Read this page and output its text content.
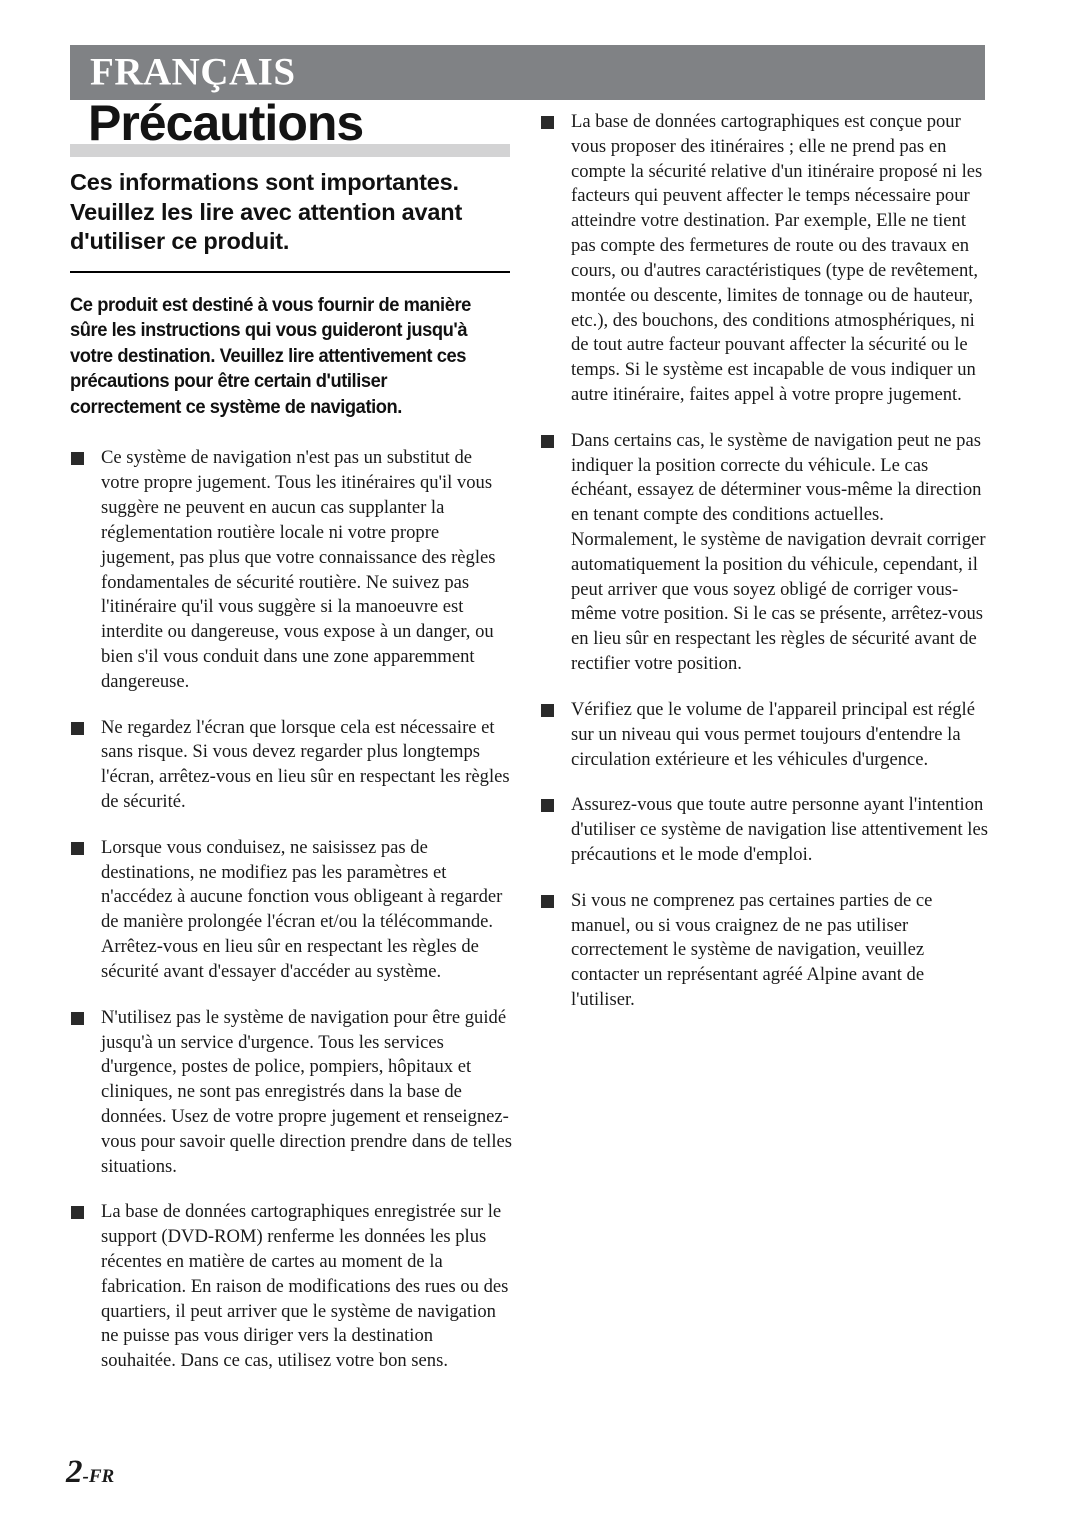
FRANÇAIS
Précautions

Ces informations sont importantes. Veuillez les lire avec attention avant d'utiliser ce produit.

Ce produit est destiné à vous fournir de manière sûre les instructions qui vous guideront jusqu'à votre destination. Veuillez lire attentivement ces précautions pour être certain d'utiliser correctement ce système de navigation.

Ce système de navigation n'est pas un substitut de votre propre jugement. Tous les itinéraires qu'il vous suggère ne peuvent en aucun cas supplanter la réglementation routière locale ni votre propre jugement, pas plus que votre connaissance des règles fondamentales de sécurité routière. Ne suivez pas l'itinéraire qu'il vous suggère si la manoeuvre est interdite ou dangereuse, vous expose à un danger, ou bien s'il vous conduit dans une zone apparemment dangereuse.
Ne regardez l'écran que lorsque cela est nécessaire et sans risque. Si vous devez regarder plus longtemps l'écran, arrêtez-vous en lieu sûr en respectant les règles de sécurité.
Lorsque vous conduisez, ne saisissez pas de destinations, ne modifiez pas les paramètres et n'accédez à aucune fonction vous obligeant à regarder de manière prolongée l'écran et/ou la télécommande. Arrêtez-vous en lieu sûr en respectant les règles de sécurité avant d'essayer d'accéder au système.
N'utilisez pas le système de navigation pour être guidé jusqu'à un service d'urgence. Tous les services d'urgence, postes de police, pompiers, hôpitaux et cliniques, ne sont pas enregistrés dans la base de données. Usez de votre propre jugement et renseignez-vous pour savoir quelle direction prendre dans de telles situations.
La base de données cartographiques enregistrée sur le support (DVD-ROM) renferme les données les plus récentes en matière de cartes au moment de la fabrication. En raison de modifications des rues ou des quartiers, il peut arriver que le système de navigation ne puisse pas vous diriger vers la destination souhaitée. Dans ce cas, utilisez votre bon sens.
La base de données cartographiques est conçue pour vous proposer des itinéraires ; elle ne prend pas en compte la sécurité relative d'un itinéraire proposé ni les facteurs qui peuvent affecter le temps nécessaire pour atteindre votre destination. Par exemple, Elle ne tient pas compte des fermetures de route ou des travaux en cours, ou d'autres caractéristiques (type de revêtement, montée ou descente, limites de tonnage ou de hauteur, etc.), des bouchons, des conditions atmosphériques, ni de tout autre facteur pouvant affecter la sécurité ou le temps. Si le système est incapable de vous indiquer un autre itinéraire, faites appel à votre propre jugement.
Dans certains cas, le système de navigation peut ne pas indiquer la position correcte du véhicule. Le cas échéant, essayez de déterminer vous-même la direction en tenant compte des conditions actuelles. Normalement, le système de navigation devrait corriger automatiquement la position du véhicule, cependant, il peut arriver que vous soyez obligé de corriger vous-même votre position. Si le cas se présente, arrêtez-vous en lieu sûr en respectant les règles de sécurité avant de rectifier votre position.
Vérifiez que le volume de l'appareil principal est réglé sur un niveau qui vous permet toujours d'entendre la circulation extérieure et les véhicules d'urgence.
Assurez-vous que toute autre personne ayant l'intention d'utiliser ce système de navigation lise attentivement les précautions et le mode d'emploi.
Si vous ne comprenez pas certaines parties de ce manuel, ou si vous craignez de ne pas utiliser correctement le système de navigation, veuillez contacter un représentant agréé Alpine avant de l'utiliser.
2-FR
